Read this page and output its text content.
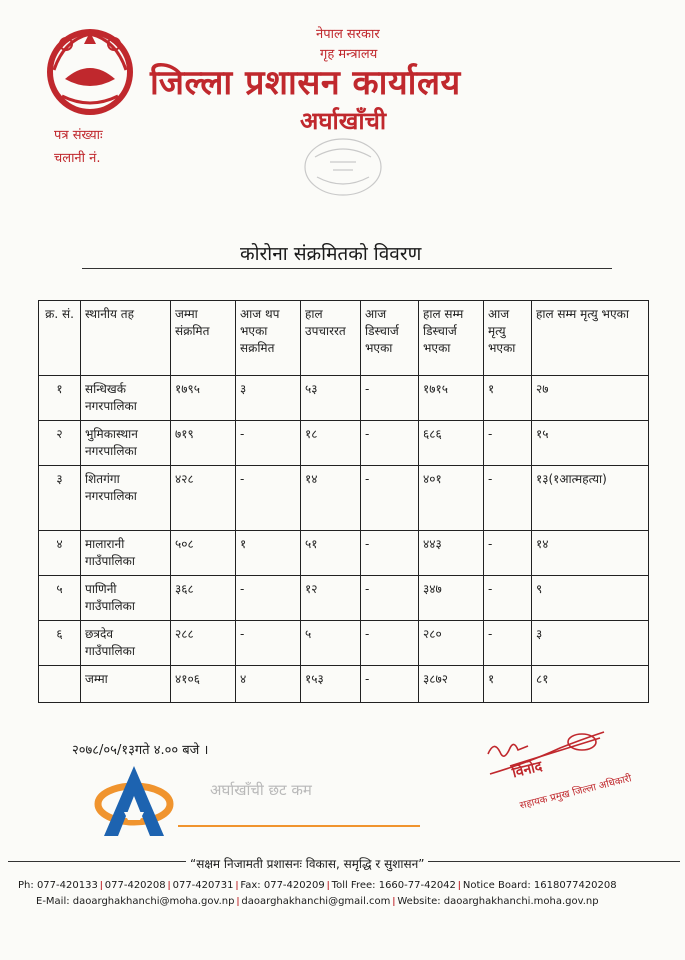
नेपाल सरकार
गृह मन्त्रालय
जिल्ला प्रशासन कार्यालय
अर्घाखाँची
पत्र संख्याः
चलानी नं.
कोरोना संक्रमितको विवरण
क्र. सं.	स्थानीय तह	जम्मा संक्रमित	आज थप भएका सक्रमित	हाल उपचाररत	आज डिस्चार्ज भएका	हाल सम्म डिस्चार्ज भएका	आज मृत्यु भएका	हाल सम्म मृत्यु भएका
१	सन्धिखर्क नगरपालिका	१७९५	३	५३	-	१७१५	१	२७
२	भुमिकास्थान नगरपालिका	७१९	-	१८	-	६८६	-	१५
३	शितगंगा नगरपालिका	४२८	-	१४	-	४०१	-	१३(१आत्महत्या)
४	मालारानी गाउँपालिका	५०८	१	५१	-	४४३	-	१४
५	पाणिनी गाउँपालिका	३६८	-	१२	-	३४७	-	९
६	छत्रदेव गाउँपालिका	२८८	-	५	-	२८०	-	३
	जम्मा	४१०६	४	१५३	-	३८७२	१	८१
२०७८/०५/१३गते ४.०० बजे ।
विनोद
सहायक प्रमुख जिल्ला अधिकारी
अर्घाखाँची छट कम
“सक्षम निजामती प्रशासनः विकास, समृद्धि र सुशासन”
Ph: 077-420133 ǀ 077-420208 ǀ 077-420731 ǀ Fax: 077-420209 ǀ Toll Free: 1660-77-42042 ǀ Notice Board: 1618077420208
E-Mail: daoarghakhanchi@moha.gov.np ǀ daoarghakhanchi@gmail.com ǀ Website: daoarghakhanchi.moha.gov.np
